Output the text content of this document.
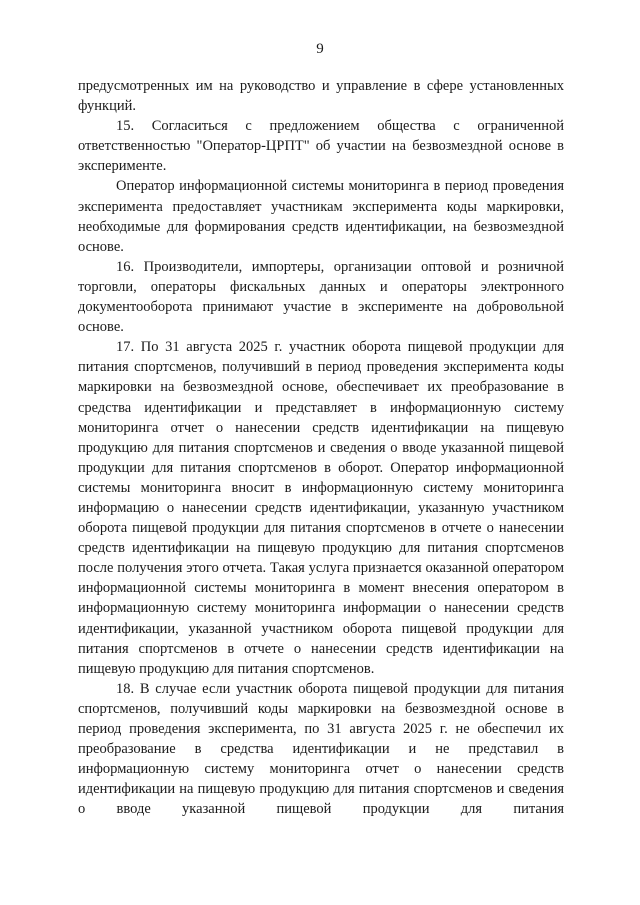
9

предусмотренных им на руководство и управление в сфере установленных функций.

15. Согласиться с предложением общества с ограниченной ответственностью "Оператор-ЦРПТ" об участии на безвозмездной основе в эксперименте.

Оператор информационной системы мониторинга в период проведения эксперимента предоставляет участникам эксперимента коды маркировки, необходимые для формирования средств идентификации, на безвозмездной основе.

16. Производители, импортеры, организации оптовой и розничной торговли, операторы фискальных данных и операторы электронного документооборота принимают участие в эксперименте на добровольной основе.

17. По 31 августа 2025 г. участник оборота пищевой продукции для питания спортсменов, получивший в период проведения эксперимента коды маркировки на безвозмездной основе, обеспечивает их преобразование в средства идентификации и представляет в информационную систему мониторинга отчет о нанесении средств идентификации на пищевую продукцию для питания спортсменов и сведения о вводе указанной пищевой продукции для питания спортсменов в оборот. Оператор информационной системы мониторинга вносит в информационную систему мониторинга информацию о нанесении средств идентификации, указанную участником оборота пищевой продукции для питания спортсменов в отчете о нанесении средств идентификации на пищевую продукцию для питания спортсменов после получения этого отчета. Такая услуга признается оказанной оператором информационной системы мониторинга в момент внесения оператором в информационную систему мониторинга информации о нанесении средств идентификации, указанной участником оборота пищевой продукции для питания спортсменов в отчете о нанесении средств идентификации на пищевую продукцию для питания спортсменов.

18. В случае если участник оборота пищевой продукции для питания спортсменов, получивший коды маркировки на безвозмездной основе в период проведения эксперимента, по 31 августа 2025 г. не обеспечил их преобразование в средства идентификации и не представил в информационную систему мониторинга отчет о нанесении средств идентификации на пищевую продукцию для питания спортсменов и сведения о вводе указанной пищевой продукции для питания
